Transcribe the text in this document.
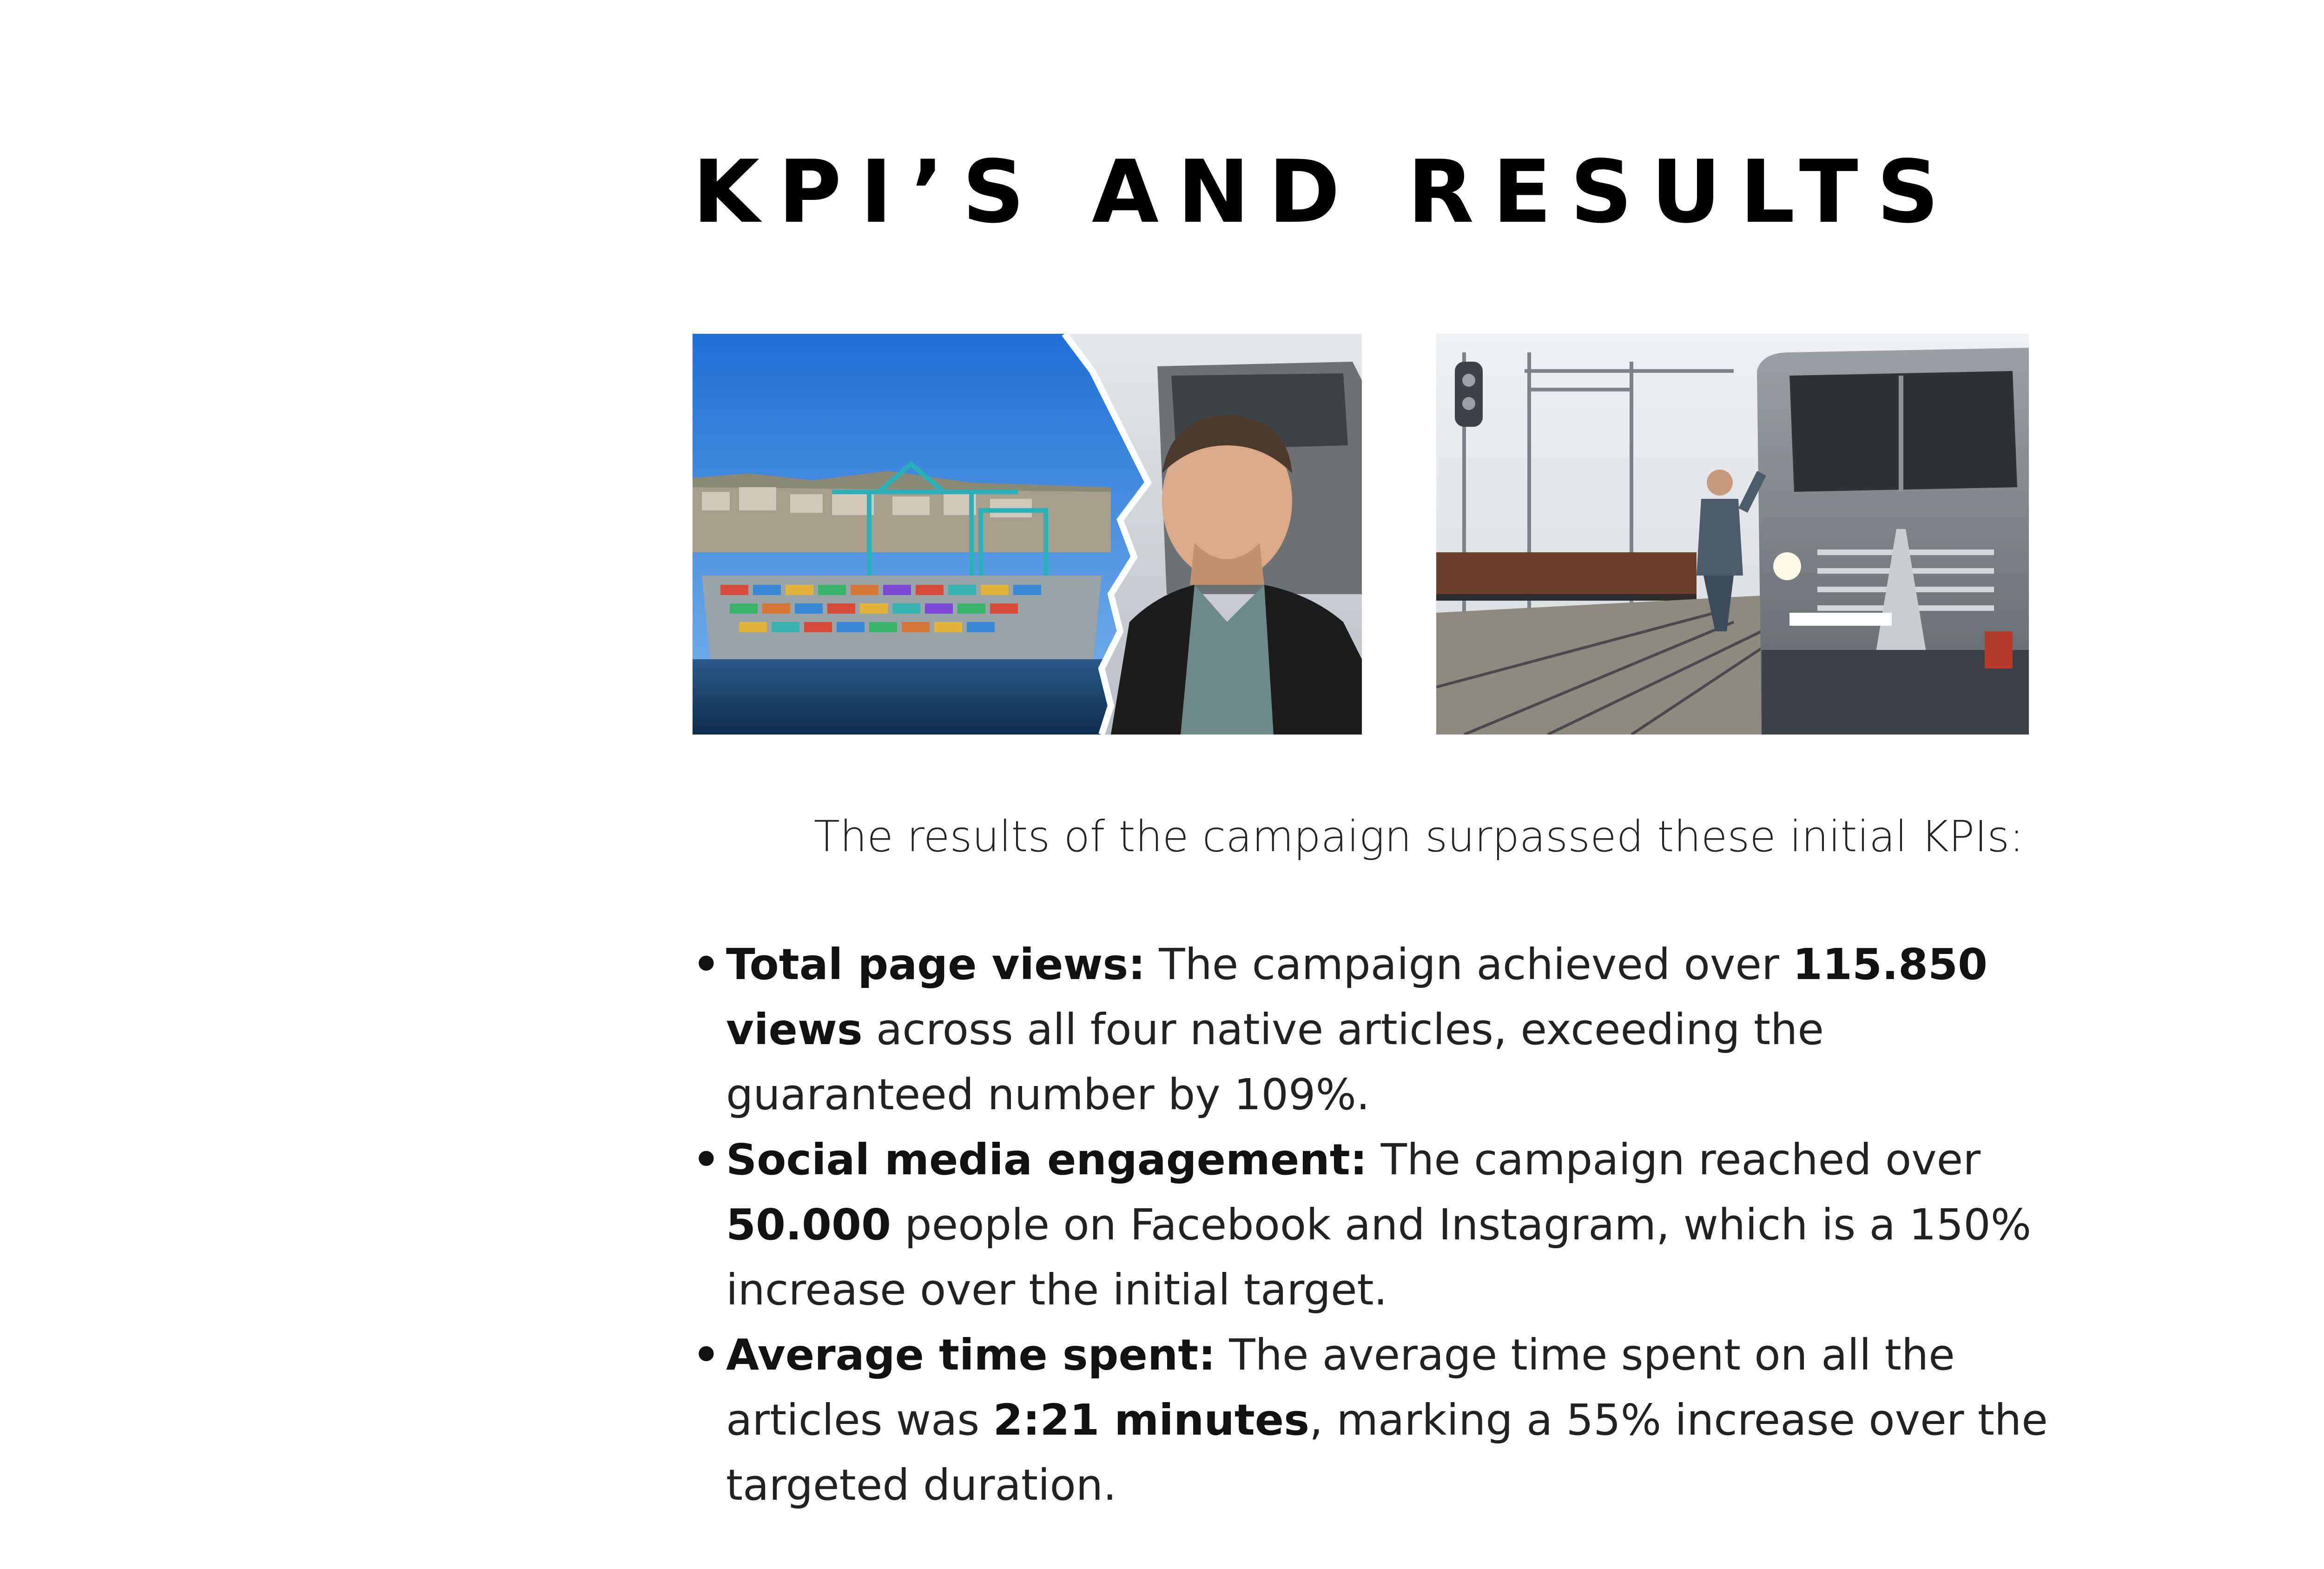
KPI’S AND RESULTS

The results of the campaign surpassed these initial KPIs:

• Total page views: The campaign achieved over 115.850 views across all four native articles, exceeding the guaranteed number by 109%.
• Social media engagement: The campaign reached over 50.000 people on Facebook and Instagram, which is a 150% increase over the initial target.
• Average time spent: The average time spent on all the articles was 2:21 minutes, marking a 55% increase over the targeted duration.
